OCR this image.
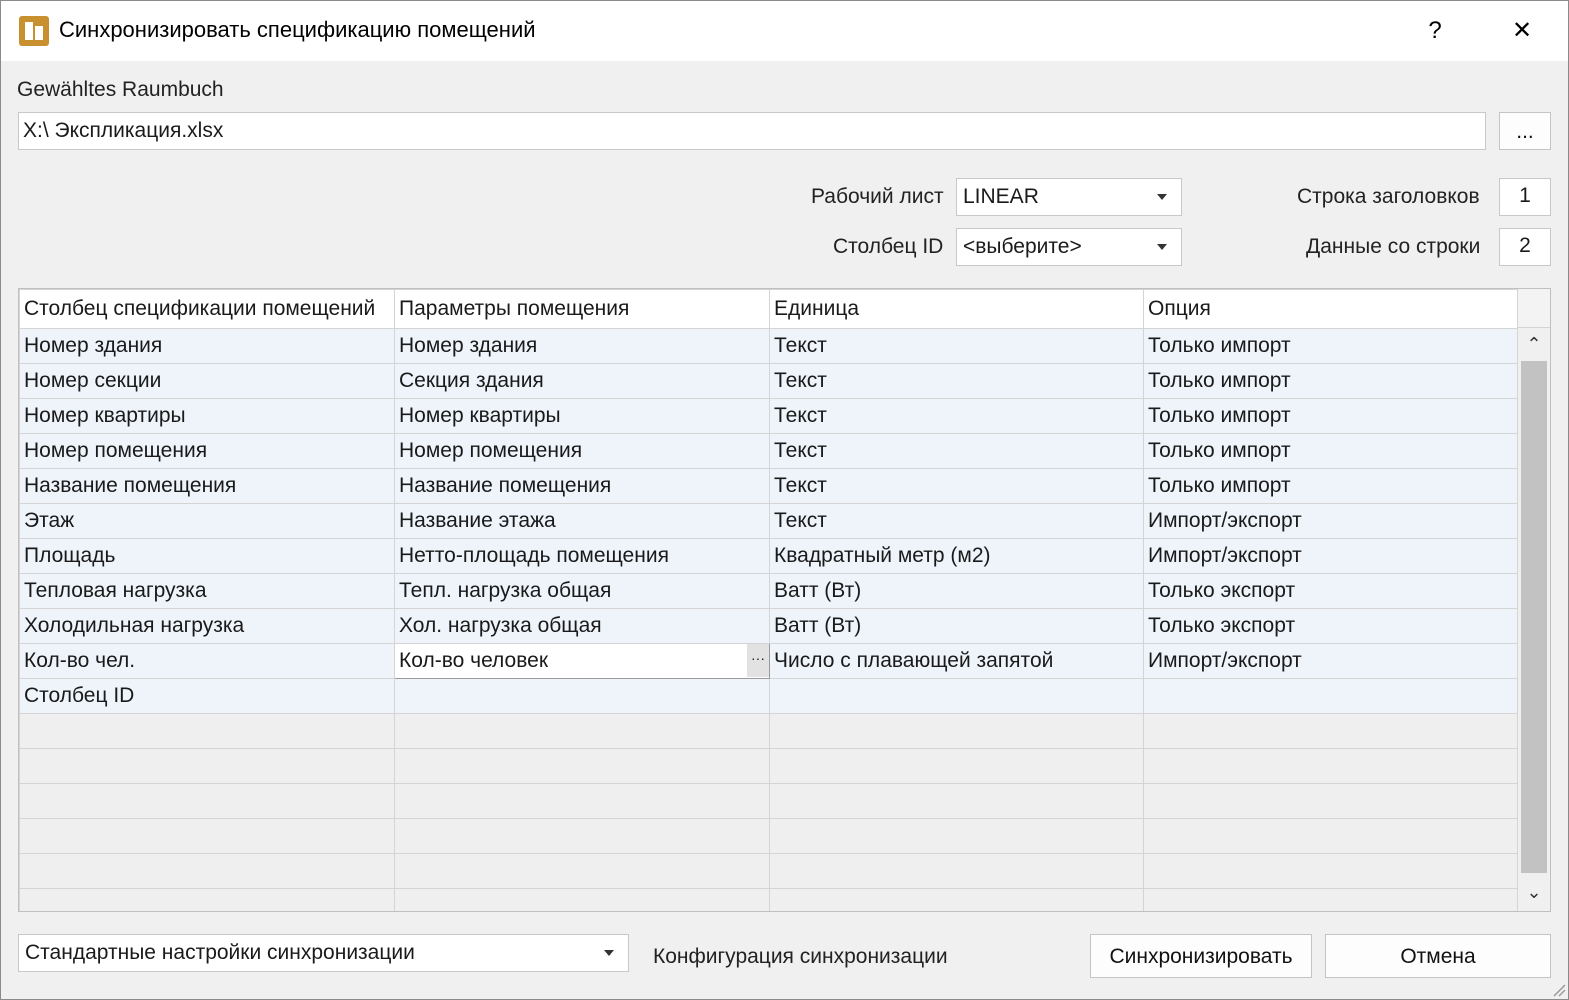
Синхронизировать спецификацию помещений	?	✕
Gewähltes Raumbuch
X:\ Экспликация.xlsx
...
Рабочий лист LINEAR
Столбец ID <выберите>
Строка заголовков	1
Данные со строки	2
Столбец спецификации помещений	Параметры помещения	Единица	Опция
Номер здания	Номер здания	Текст	Только импорт
Номер секции	Секция здания	Текст	Только импорт
Номер квартиры	Номер квартиры	Текст	Только импорт
Номер помещения	Номер помещения	Текст	Только импорт
Название помещения	Название помещения	Текст	Только импорт
Этаж	Название этажа	Текст	Импорт/экспорт
Площадь	Нетто-площадь помещения	Квадратный метр (м2)	Импорт/экспорт
Тепловая нагрузка	Тепл. нагрузка общая	Ватт (Вт)	Только экспорт
Холодильная нагрузка	Хол. нагрузка общая	Ватт (Вт)	Только экспорт
Кол-во чел.	Кол-во человек ···	Число с плавающей запятой	Импорт/экспорт
Столбец ID			

⌃
⌄
Стандартные настройки синхронизации	Конфигурация синхронизации	Синхронизировать	Отмена
